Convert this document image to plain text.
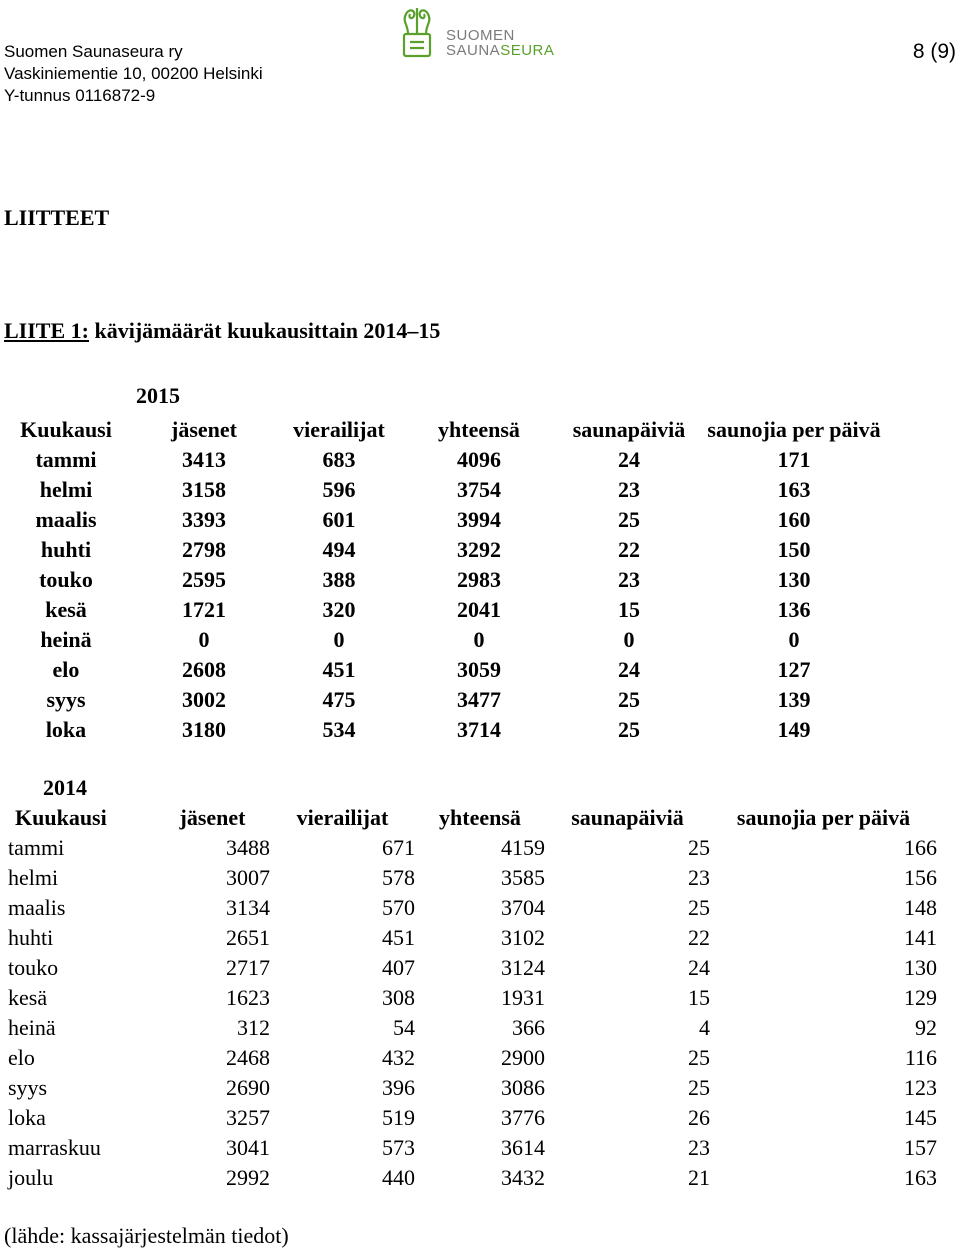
Suomen Saunaseura ry
Vaskiniementie 10, 00200 Helsinki
Y-tunnus 0116872-9
8 (9)
SUOMEN
SAUNASEURA
LIITTEET
LIITE 1: kävijämäärät kuukausittain 2014–15
2015
Kuukausi	jäsenet	vierailijat	yhteensä	saunapäiviä	saunojia per päivä
tammi	3413	683	4096	24	171
helmi	3158	596	3754	23	163
maalis	3393	601	3994	25	160
huhti	2798	494	3292	22	150
touko	2595	388	2983	23	130
kesä	1721	320	2041	15	136
heinä	0	0	0	0	0
elo	2608	451	3059	24	127
syys	3002	475	3477	25	139
loka	3180	534	3714	25	149
2014
Kuukausi	jäsenet	vierailijat	yhteensä	saunapäiviä	saunojia per päivä
tammi	3488	671	4159	25	166
helmi	3007	578	3585	23	156
maalis	3134	570	3704	25	148
huhti	2651	451	3102	22	141
touko	2717	407	3124	24	130
kesä	1623	308	1931	15	129
heinä	312	54	366	4	92
elo	2468	432	2900	25	116
syys	2690	396	3086	25	123
loka	3257	519	3776	26	145
marraskuu	3041	573	3614	23	157
joulu	2992	440	3432	21	163
(lähde: kassajärjestelmän tiedot)
